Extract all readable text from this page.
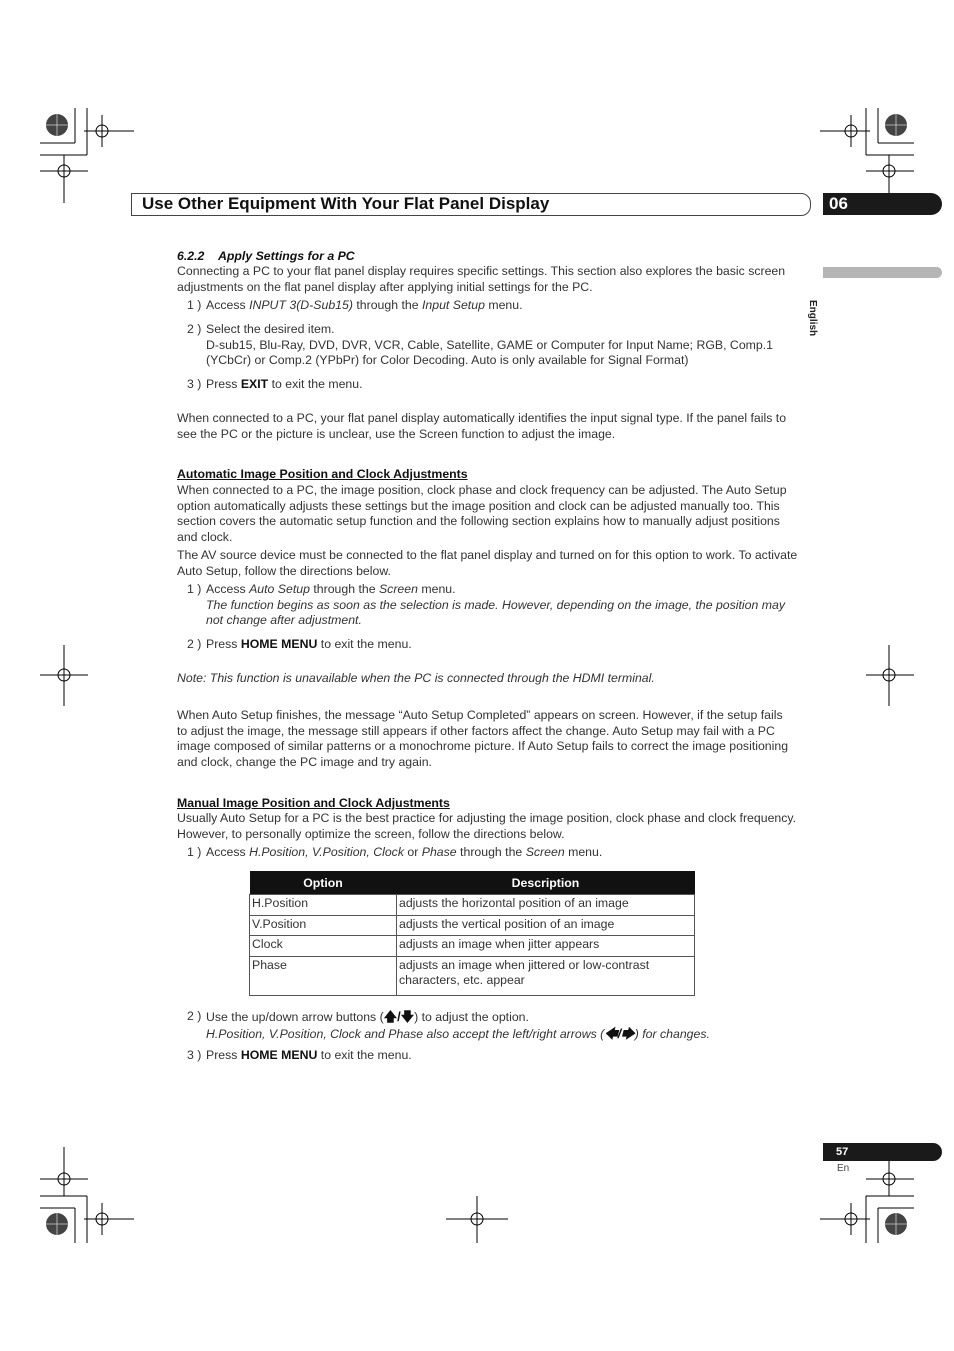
Use Other Equipment With Your Flat Panel Display	06
English
6.2.2 Apply Settings for a PC
Connecting a PC to your flat panel display requires specific settings. This section also explores the basic screen
adjustments on the flat panel display after applying initial settings for the PC.
1 ) Access INPUT 3(D-Sub15) through the Input Setup menu.
2 ) Select the desired item.
D-sub15, Blu-Ray, DVD, DVR, VCR, Cable, Satellite, GAME or Computer for Input Name; RGB, Comp.1
(YCbCr) or Comp.2 (YPbPr) for Color Decoding. Auto is only available for Signal Format)
3 ) Press EXIT to exit the menu.
When connected to a PC, your flat panel display automatically identifies the input signal type. If the panel fails to
see the PC or the picture is unclear, use the Screen function to adjust the image.
Automatic Image Position and Clock Adjustments
When connected to a PC, the image position, clock phase and clock frequency can be adjusted. The Auto Setup
option automatically adjusts these settings but the image position and clock can be adjusted manually too. This
section covers the automatic setup function and the following section explains how to manually adjust positions
and clock.
The AV source device must be connected to the flat panel display and turned on for this option to work. To activate
Auto Setup, follow the directions below.
1 ) Access Auto Setup through the Screen menu.
The function begins as soon as the selection is made. However, depending on the image, the position may
not change after adjustment.
2 ) Press HOME MENU to exit the menu.
Note: This function is unavailable when the PC is connected through the HDMI terminal.
When Auto Setup finishes, the message “Auto Setup Completed” appears on screen. However, if the setup fails
to adjust the image, the message still appears if other factors affect the change. Auto Setup may fail with a PC
image composed of similar patterns or a monochrome picture. If Auto Setup fails to correct the image positioning
and clock, change the PC image and try again.
Manual Image Position and Clock Adjustments
Usually Auto Setup for a PC is the best practice for adjusting the image position, clock phase and clock frequency.
However, to personally optimize the screen, follow the directions below.
1 ) Access H.Position, V.Position, Clock or Phase through the Screen menu.
Option	Description
H.Position	adjusts the horizontal position of an image
V.Position	adjusts the vertical position of an image
Clock	adjusts an image when jitter appears
Phase	adjusts an image when jittered or low-contrast
characters, etc. appear
2 ) Use the up/down arrow buttons (🡅/🡇) to adjust the option.
H.Position, V.Position, Clock and Phase also accept the left/right arrows (🡄/🡆) for changes.
3 ) Press HOME MENU to exit the menu.
57
En
